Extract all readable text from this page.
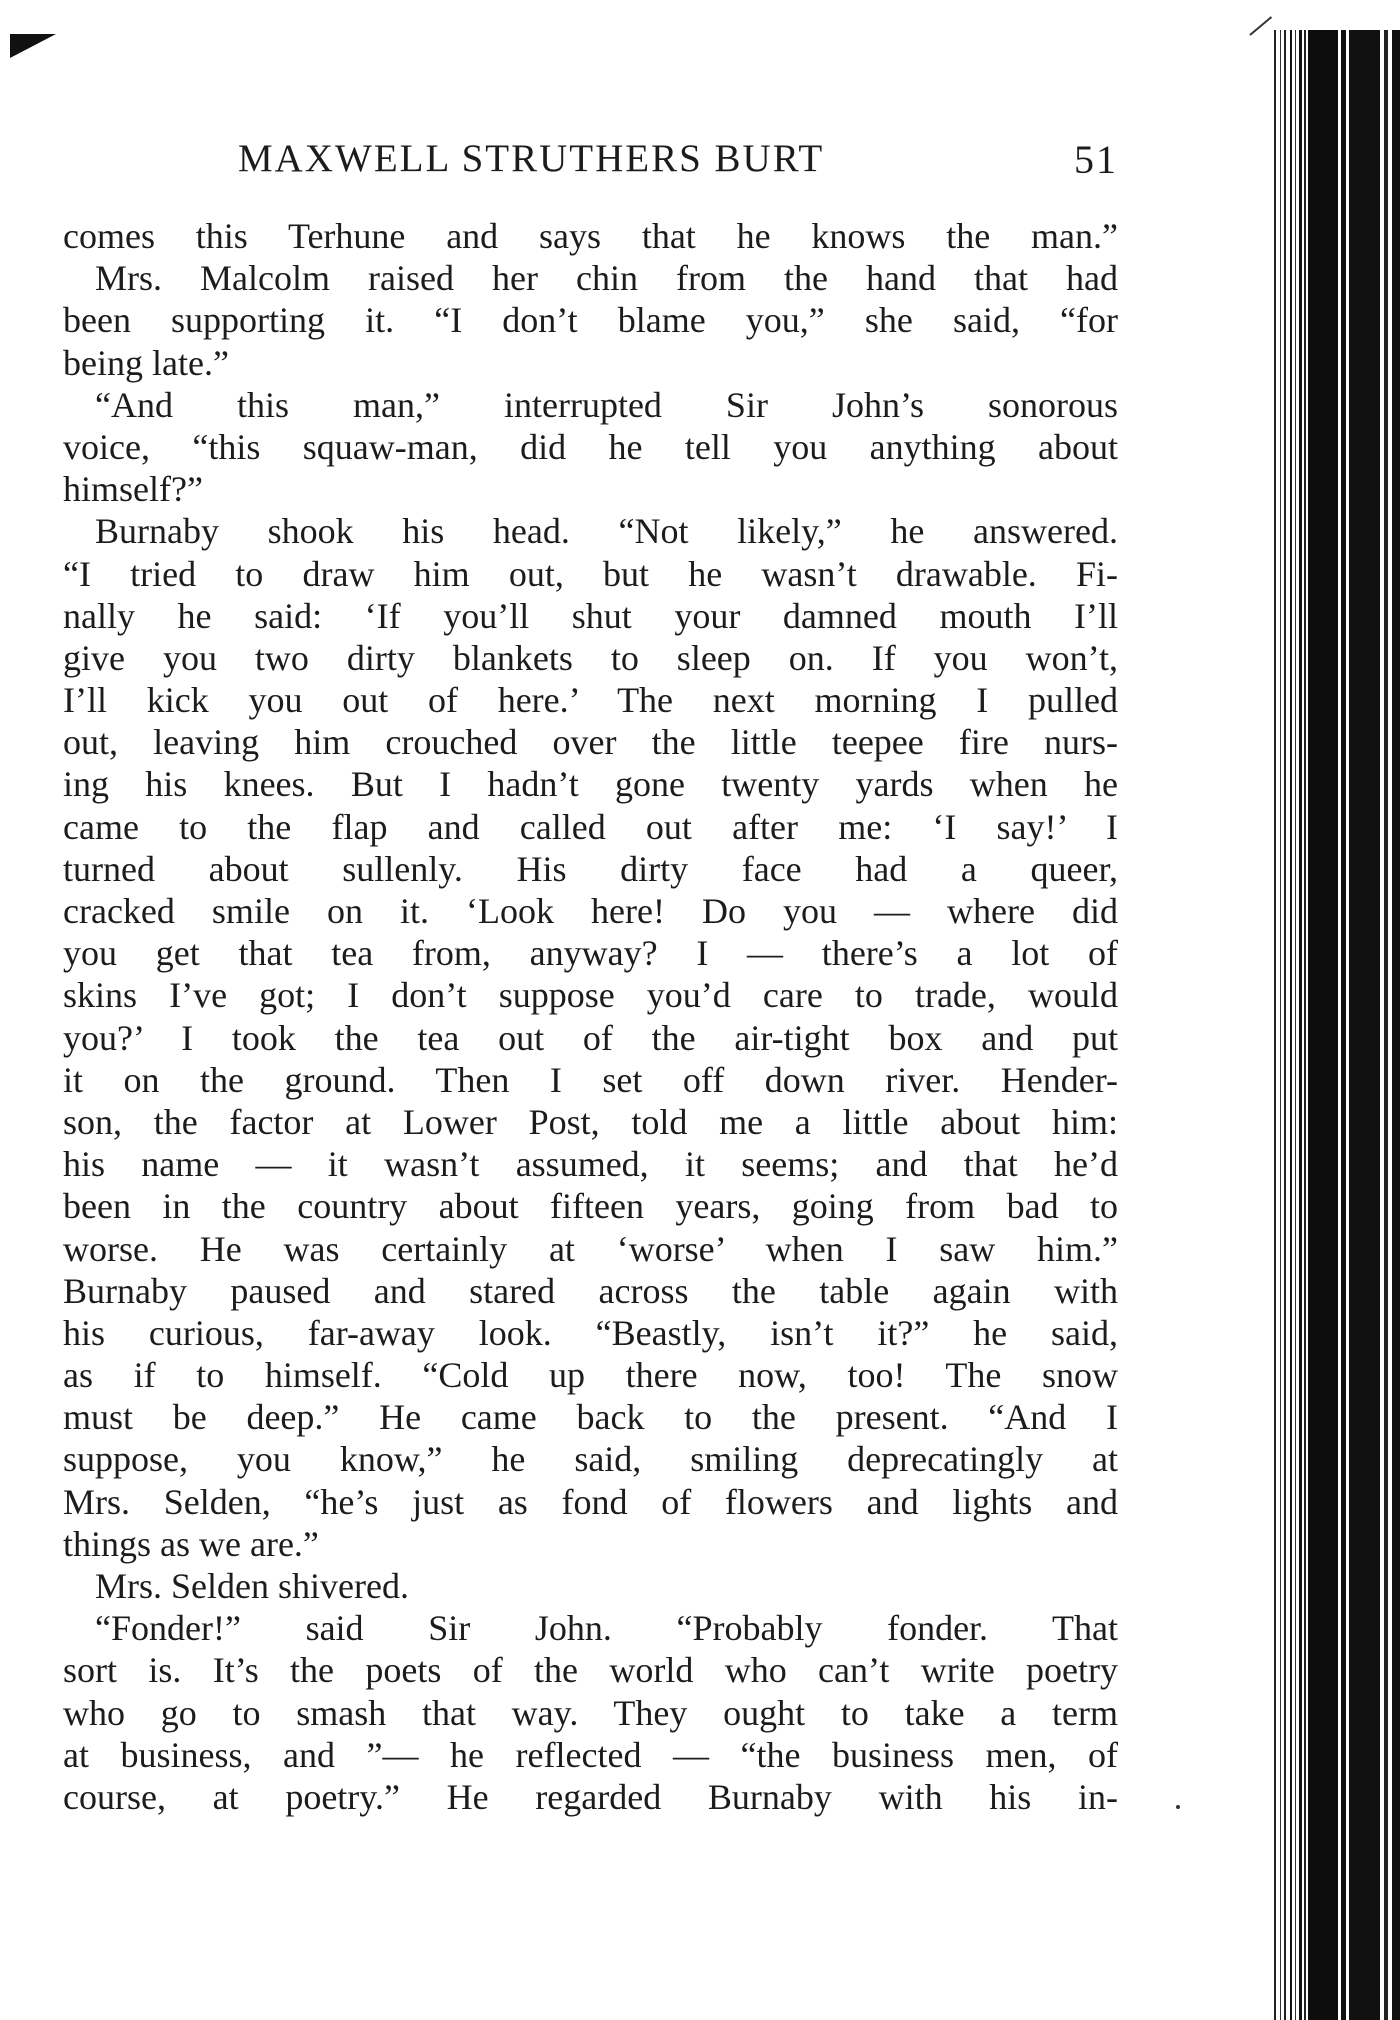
MAXWELL STRUTHERS BURT	51
comes this Terhune and says that he knows the man.”
Mrs. Malcolm raised her chin from the hand that had
been supporting it. “I don’t blame you,” she said, “for
being late.”
“And this man,” interrupted Sir John’s sonorous
voice, “this squaw-man, did he tell you anything about
himself?”
Burnaby shook his head. “Not likely,” he answered.
“I tried to draw him out, but he wasn’t drawable. Fi-
nally he said: ‘If you’ll shut your damned mouth I’ll
give you two dirty blankets to sleep on. If you won’t,
I’ll kick you out of here.’ The next morning I pulled
out, leaving him crouched over the little teepee fire nurs-
ing his knees. But I hadn’t gone twenty yards when he
came to the flap and called out after me: ‘I say!’ I
turned about sullenly. His dirty face had a queer,
cracked smile on it. ‘Look here! Do you — where did
you get that tea from, anyway? I — there’s a lot of
skins I’ve got; I don’t suppose you’d care to trade, would
you?’ I took the tea out of the air-tight box and put
it on the ground. Then I set off down river. Hender-
son, the factor at Lower Post, told me a little about him:
his name — it wasn’t assumed, it seems; and that he’d
been in the country about fifteen years, going from bad to
worse. He was certainly at ‘worse’ when I saw him.”
Burnaby paused and stared across the table again with
his curious, far-away look. “Beastly, isn’t it?” he said,
as if to himself. “Cold up there now, too! The snow
must be deep.” He came back to the present. “And I
suppose, you know,” he said, smiling deprecatingly at
Mrs. Selden, “he’s just as fond of flowers and lights and
things as we are.”
Mrs. Selden shivered.
“Fonder!” said Sir John. “Probably fonder. That
sort is. It’s the poets of the world who can’t write poetry
who go to smash that way. They ought to take a term
at business, and ”— he reflected — “the business men, of
course, at poetry.” He regarded Burnaby with his in-
